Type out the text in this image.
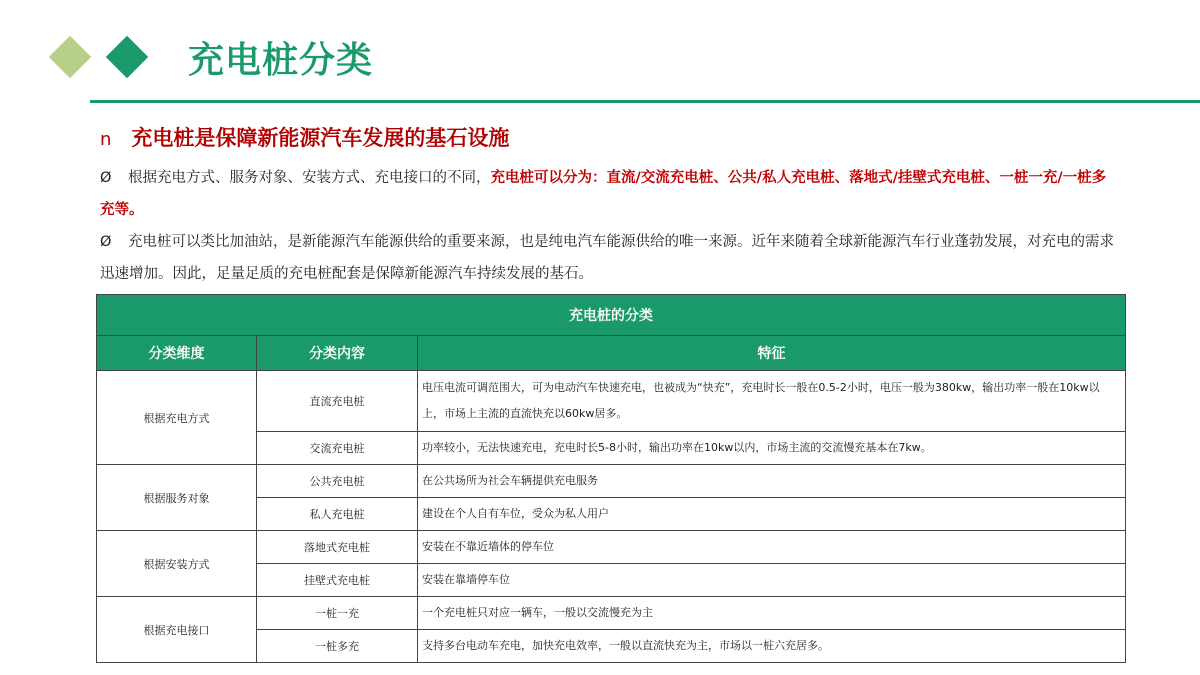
充电桩分类
n 充电桩是保障新能源汽车发展的基石设施
Ø 根据充电方式、服务对象、安装方式、充电接口的不同，充电桩可以分为：直流/交流充电桩、公共/私人充电桩、落地式/挂壁式充电桩、一桩一充/一桩多充等。
Ø 充电桩可以类比加油站，是新能源汽车能源供给的重要来源，也是纯电汽车能源供给的唯一来源。近年来随着全球新能源汽车行业蓬勃发展，对充电的需求迅速增加。因此，足量足质的充电桩配套是保障新能源汽车持续发展的基石。
充电桩的分类		
分类维度	分类内容	特征
根据充电方式	直流充电桩	电压电流可调范围大，可为电动汽车快速充电，也被成为“快充”，充电时长一般在0.5-2小时，电压一般为380kw，输出功率一般在10kw以上，市场上主流的直流快充以60kw居多。
	交流充电桩	功率较小，无法快速充电，充电时长5-8小时，输出功率在10kw以内，市场主流的交流慢充基本在7kw。
根据服务对象	公共充电桩	在公共场所为社会车辆提供充电服务
	私人充电桩	建设在个人自有车位，受众为私人用户
根据安装方式	落地式充电桩	安装在不靠近墙体的停车位
	挂壁式充电桩	安装在靠墙停车位
根据充电接口	一桩一充	一个充电桩只对应一辆车，一般以交流慢充为主
	一桩多充	支持多台电动车充电，加快充电效率，一般以直流快充为主，市场以一桩六充居多。
